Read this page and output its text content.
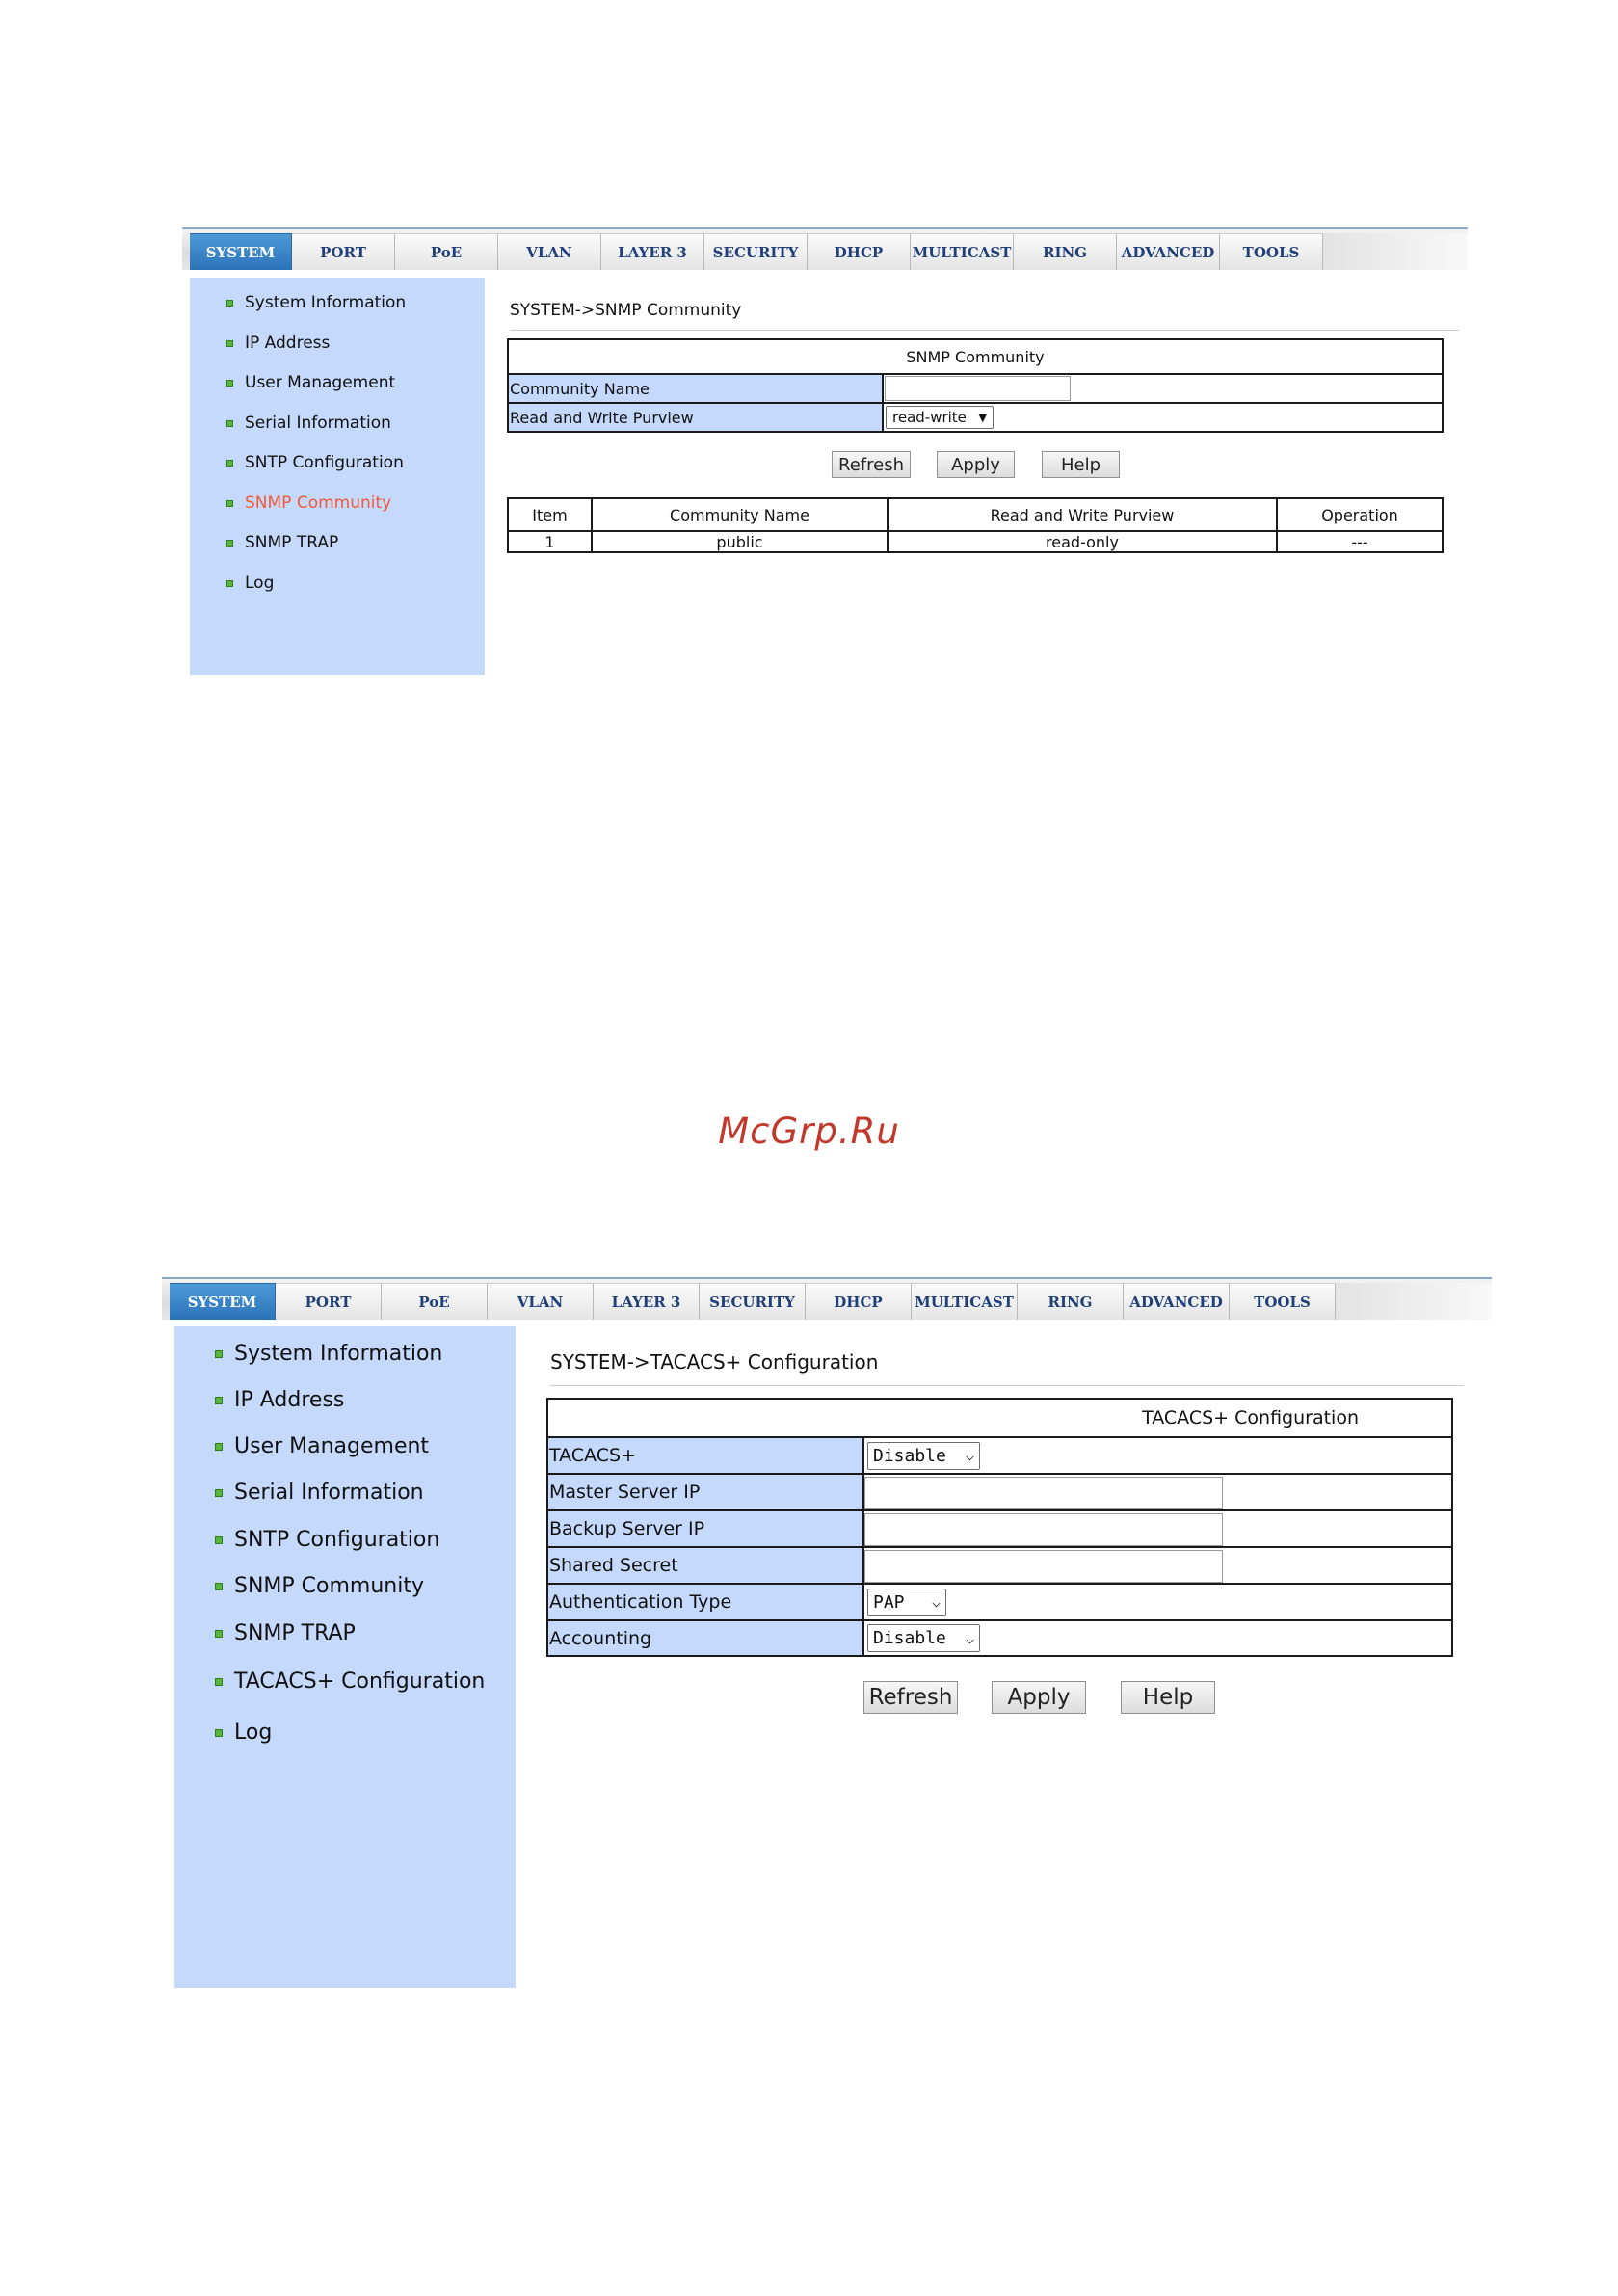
SYSTEM	PORT	PoE	VLAN	LAYER 3	SECURITY	DHCP	MULTICAST	RING	ADVANCED	TOOLS
System Information
IP Address
User Management
Serial Information
SNTP Configuration
SNMP Community
SNMP TRAP
Log
SYSTEM->SNMP Community
SNMP Community	
Community Name	
Read and Write Purview	read-write ▼
Refresh	Apply	Help
Item	Community Name	Read and Write Purview	Operation
1	public	read-only	---
McGrp.Ru
SYSTEM	PORT	PoE	VLAN	LAYER 3	SECURITY	DHCP	MULTICAST	RING	ADVANCED	TOOLS
System Information
IP Address
User Management
Serial Information
SNTP Configuration
SNMP Community
SNMP TRAP
TACACS+ Configuration
Log
SYSTEM->TACACS+ Configuration
TACACS+ Configuration	
TACACS+	Disable ⌵

Master Server IP	
Backup Server IP	
Shared Secret	
Authentication Type	PAP ⌵

Accounting	Disable ⌵
Refresh	Apply	Help
